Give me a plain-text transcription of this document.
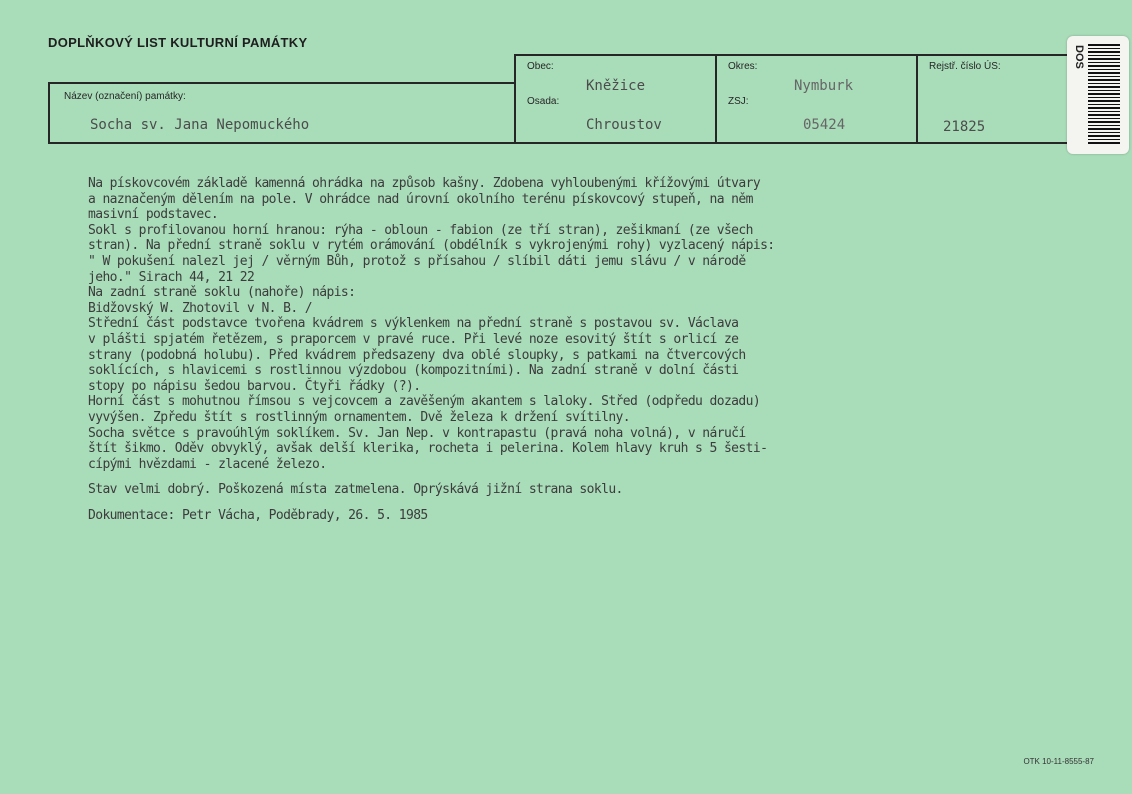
DOPLŇKOVÝ LIST KULTURNÍ PAMÁTKY
Název (označení) památky:
Obec:
Osada:
Okres:
ZSJ:
Rejstř. číslo ÚS:
Socha sv. Jana Nepomuckého
Kněžice
Chroustov
Nymburk
05424	21825
Na pískovcovém základě kamenná ohrádka na způsob kašny. Zdobena vyhloubenými křížovými útvary
a naznačeným dělením na pole. V ohrádce nad úrovní okolního terénu pískovcový stupeň, na něm
masivní podstavec.
Sokl s profilovanou horní hranou: rýha - obloun - fabion (ze tří stran), zešikmaní (ze všech
stran). Na přední straně soklu v rytém orámování (obdélník s vykrojenými rohy) vyzlacený nápis:
" W pokušení nalezl jej / věrným Bůh, protož s přísahou / slíbil dáti jemu slávu / v národě
jeho." Sirach 44, 21 22
Na zadní straně soklu (nahoře) nápis:
Bidžovský W. Zhotovil v N. B. /
Střední část podstavce tvořena kvádrem s výklenkem na přední straně s postavou sv. Václava
v plášti spjatém řetězem, s praporcem v pravé ruce. Při levé noze esovitý štít s orlicí ze
strany (podobná holubu). Před kvádrem předsazeny dva oblé sloupky, s patkami na čtvercových
soklících, s hlavicemi s rostlinnou výzdobou (kompozitními). Na zadní straně v dolní části
stopy po nápisu šedou barvou. Čtyři řádky (?).
Horní část s mohutnou římsou s vejcovcem a zavěšeným akantem s laloky. Střed (odpředu dozadu)
vyvýšen. Zpředu štít s rostlinným ornamentem. Dvě železa k držení svítilny.
Socha světce s pravoúhlým soklíkem. Sv. Jan Nep. v kontrapastu (pravá noha volná), v náručí
štít šikmo. Oděv obvyklý, avšak delší klerika, rocheta i pelerina. Kolem hlavy kruh s 5 šesti-
cípými hvězdami - zlacené železo.
Stav velmi dobrý. Poškozená místa zatmelena. Oprýskává jižní strana soklu.
Dokumentace: Petr Vácha, Poděbrady, 26. 5. 1985
OTK 10-11-8555-87
DOS
